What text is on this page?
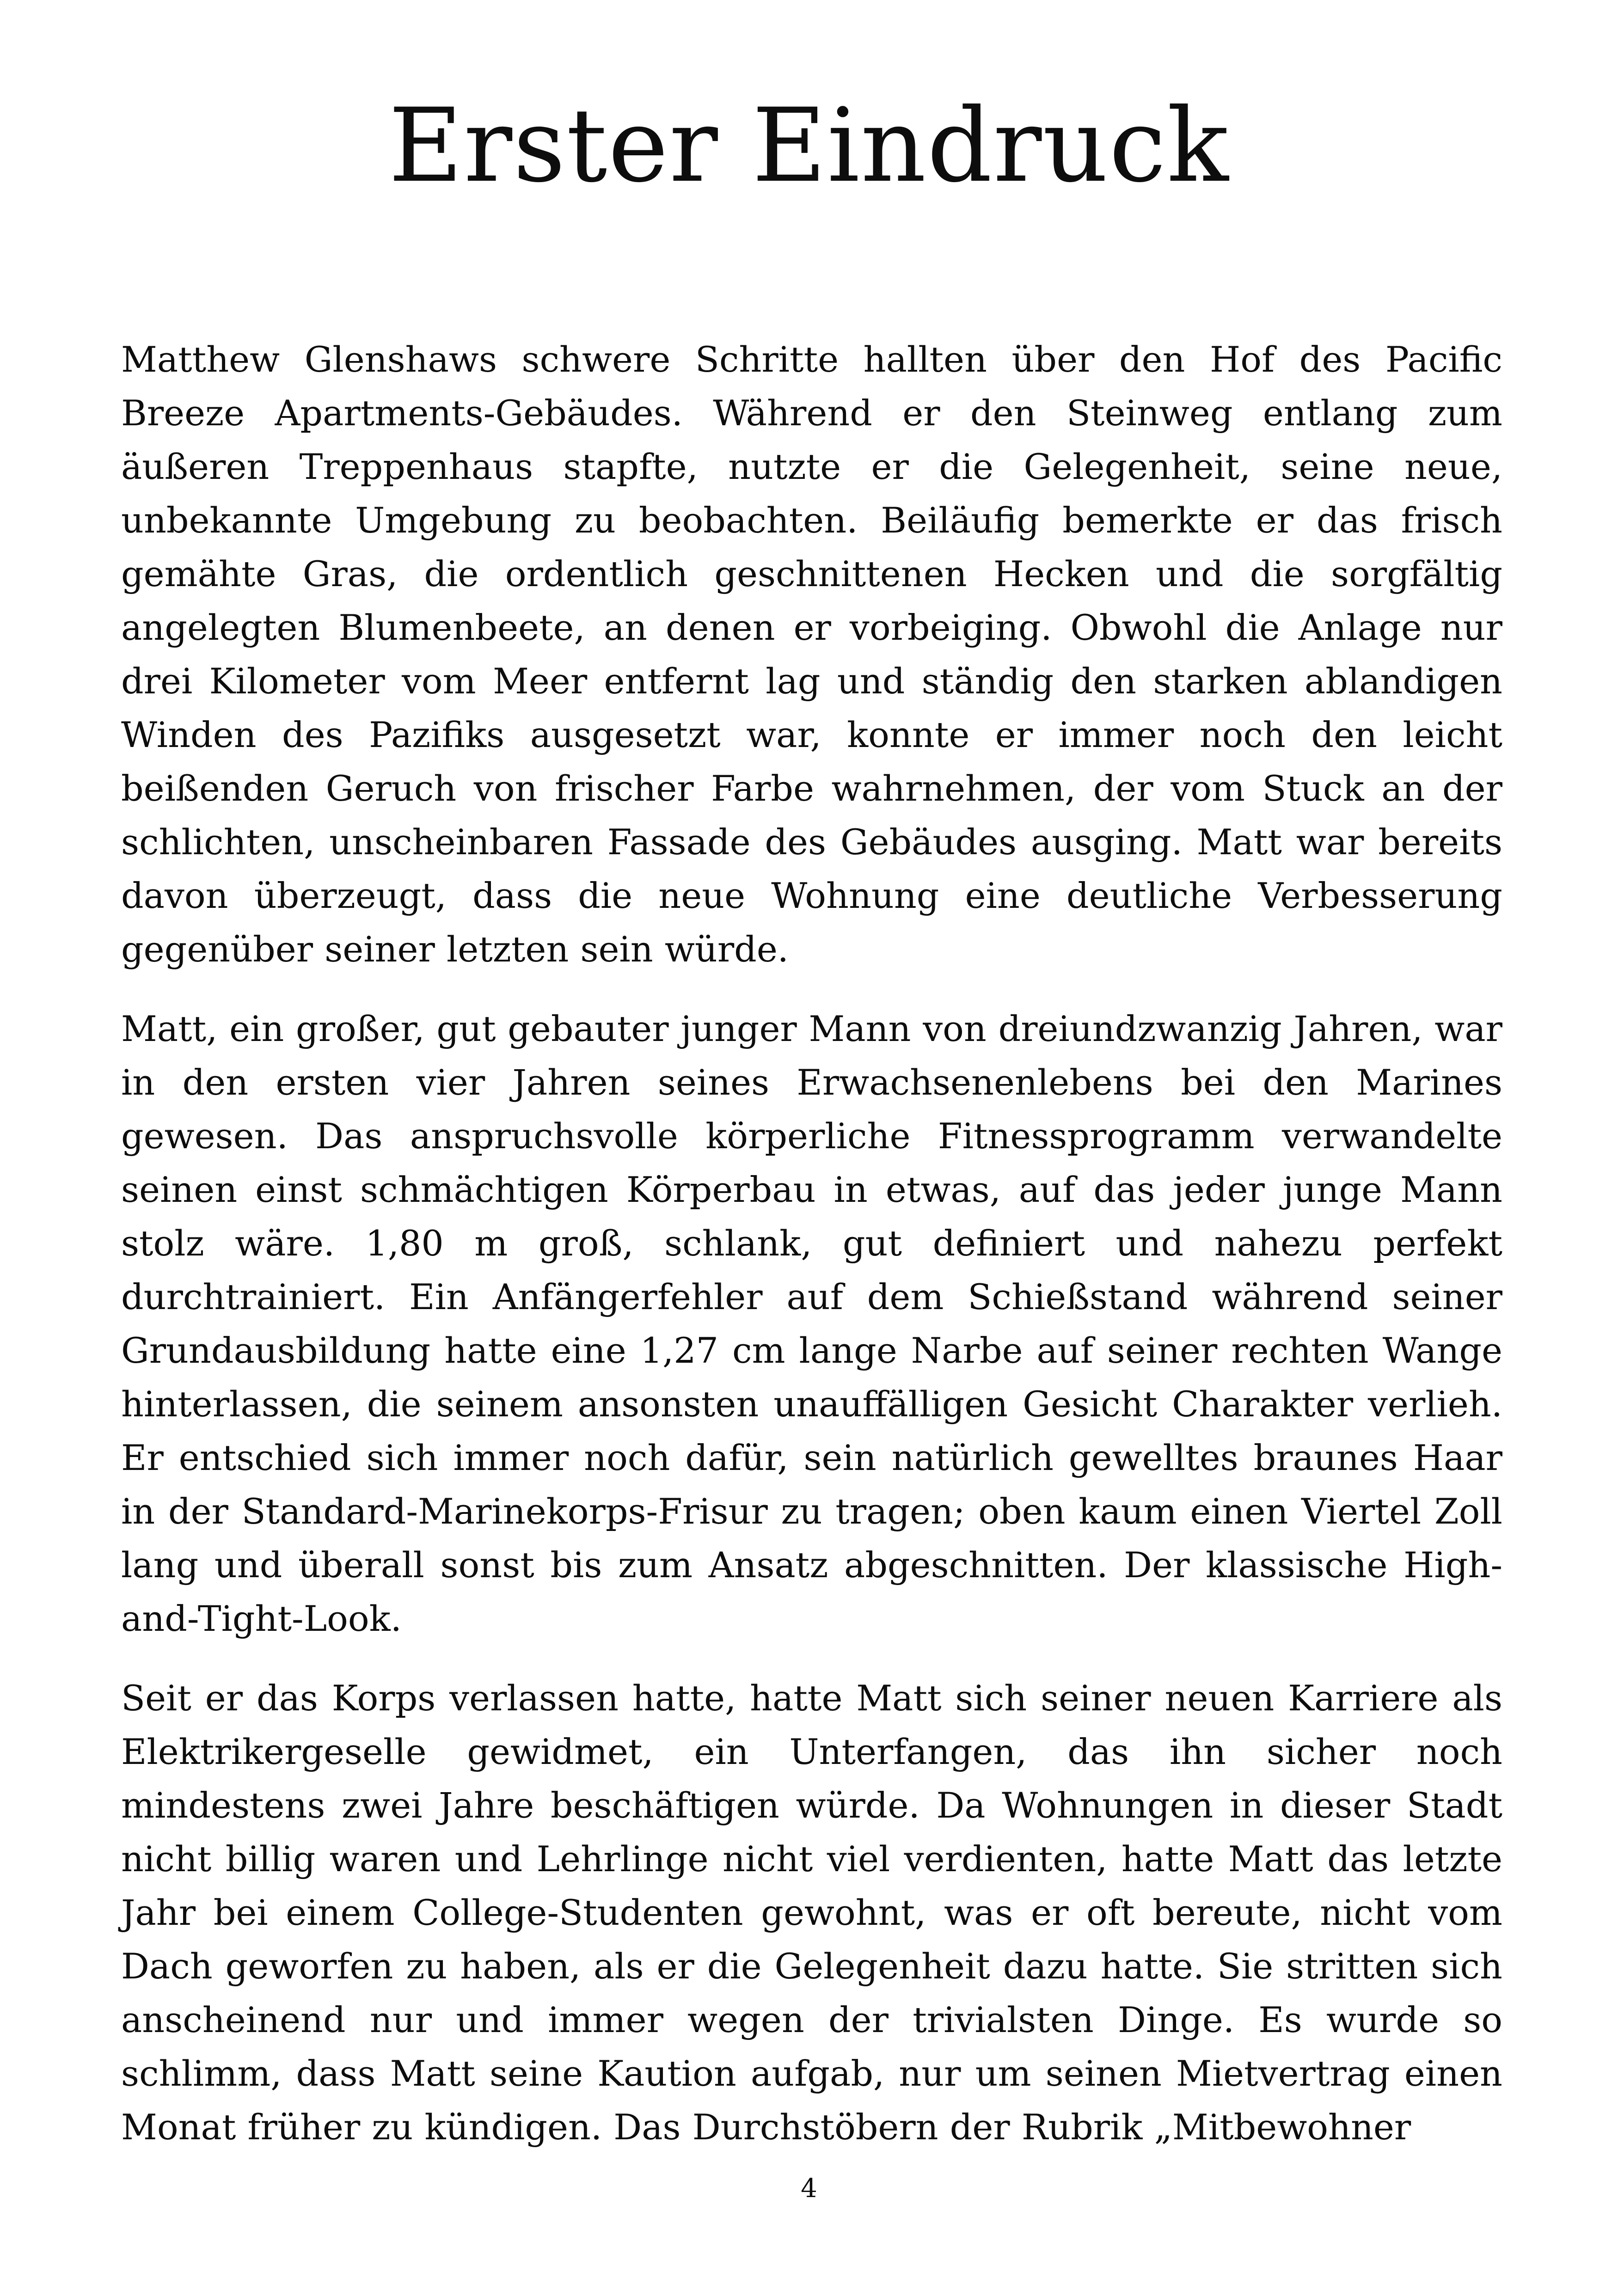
Erster Eindruck

Matthew Glenshaws schwere Schritte hallten über den Hof des Pacific Breeze Apartments-Gebäudes. Während er den Steinweg entlang zum äußeren Treppenhaus stapfte, nutzte er die Gelegenheit, seine neue, unbekannte Umgebung zu beobachten. Beiläufig bemerkte er das frisch gemähte Gras, die ordentlich geschnittenen Hecken und die sorgfältig angelegten Blumenbeete, an denen er vorbeiging. Obwohl die Anlage nur drei Kilometer vom Meer entfernt lag und ständig den starken ablandigen Winden des Pazifiks ausgesetzt war, konnte er immer noch den leicht beißenden Geruch von frischer Farbe wahrnehmen, der vom Stuck an der schlichten, unscheinbaren Fassade des Gebäudes ausging. Matt war bereits davon überzeugt, dass die neue Wohnung eine deutliche Verbesserung gegenüber seiner letzten sein würde.

Matt, ein großer, gut gebauter junger Mann von dreiundzwanzig Jahren, war in den ersten vier Jahren seines Erwachsenenlebens bei den Marines gewesen. Das anspruchsvolle körperliche Fitnessprogramm verwandelte seinen einst schmächtigen Körperbau in etwas, auf das jeder junge Mann stolz wäre. 1,80 m groß, schlank, gut definiert und nahezu perfekt durchtrainiert. Ein Anfängerfehler auf dem Schießstand während seiner Grundausbildung hatte eine 1,27 cm lange Narbe auf seiner rechten Wange hinterlassen, die seinem ansonsten unauffälligen Gesicht Charakter verlieh. Er entschied sich immer noch dafür, sein natürlich gewelltes braunes Haar in der Standard-Marinekorps-Frisur zu tragen; oben kaum einen Viertel Zoll lang und überall sonst bis zum Ansatz abgeschnitten. Der klassische High-and-Tight-Look.

Seit er das Korps verlassen hatte, hatte Matt sich seiner neuen Karriere als Elektrikergeselle gewidmet, ein Unterfangen, das ihn sicher noch mindestens zwei Jahre beschäftigen würde. Da Wohnungen in dieser Stadt nicht billig waren und Lehrlinge nicht viel verdienten, hatte Matt das letzte Jahr bei einem College-Studenten gewohnt, was er oft bereute, nicht vom Dach geworfen zu haben, als er die Gelegenheit dazu hatte. Sie stritten sich anscheinend nur und immer wegen der trivialsten Dinge. Es wurde so schlimm, dass Matt seine Kaution aufgab, nur um seinen Mietvertrag einen Monat früher zu kündigen. Das Durchstöbern der Rubrik „Mitbewohner

4
